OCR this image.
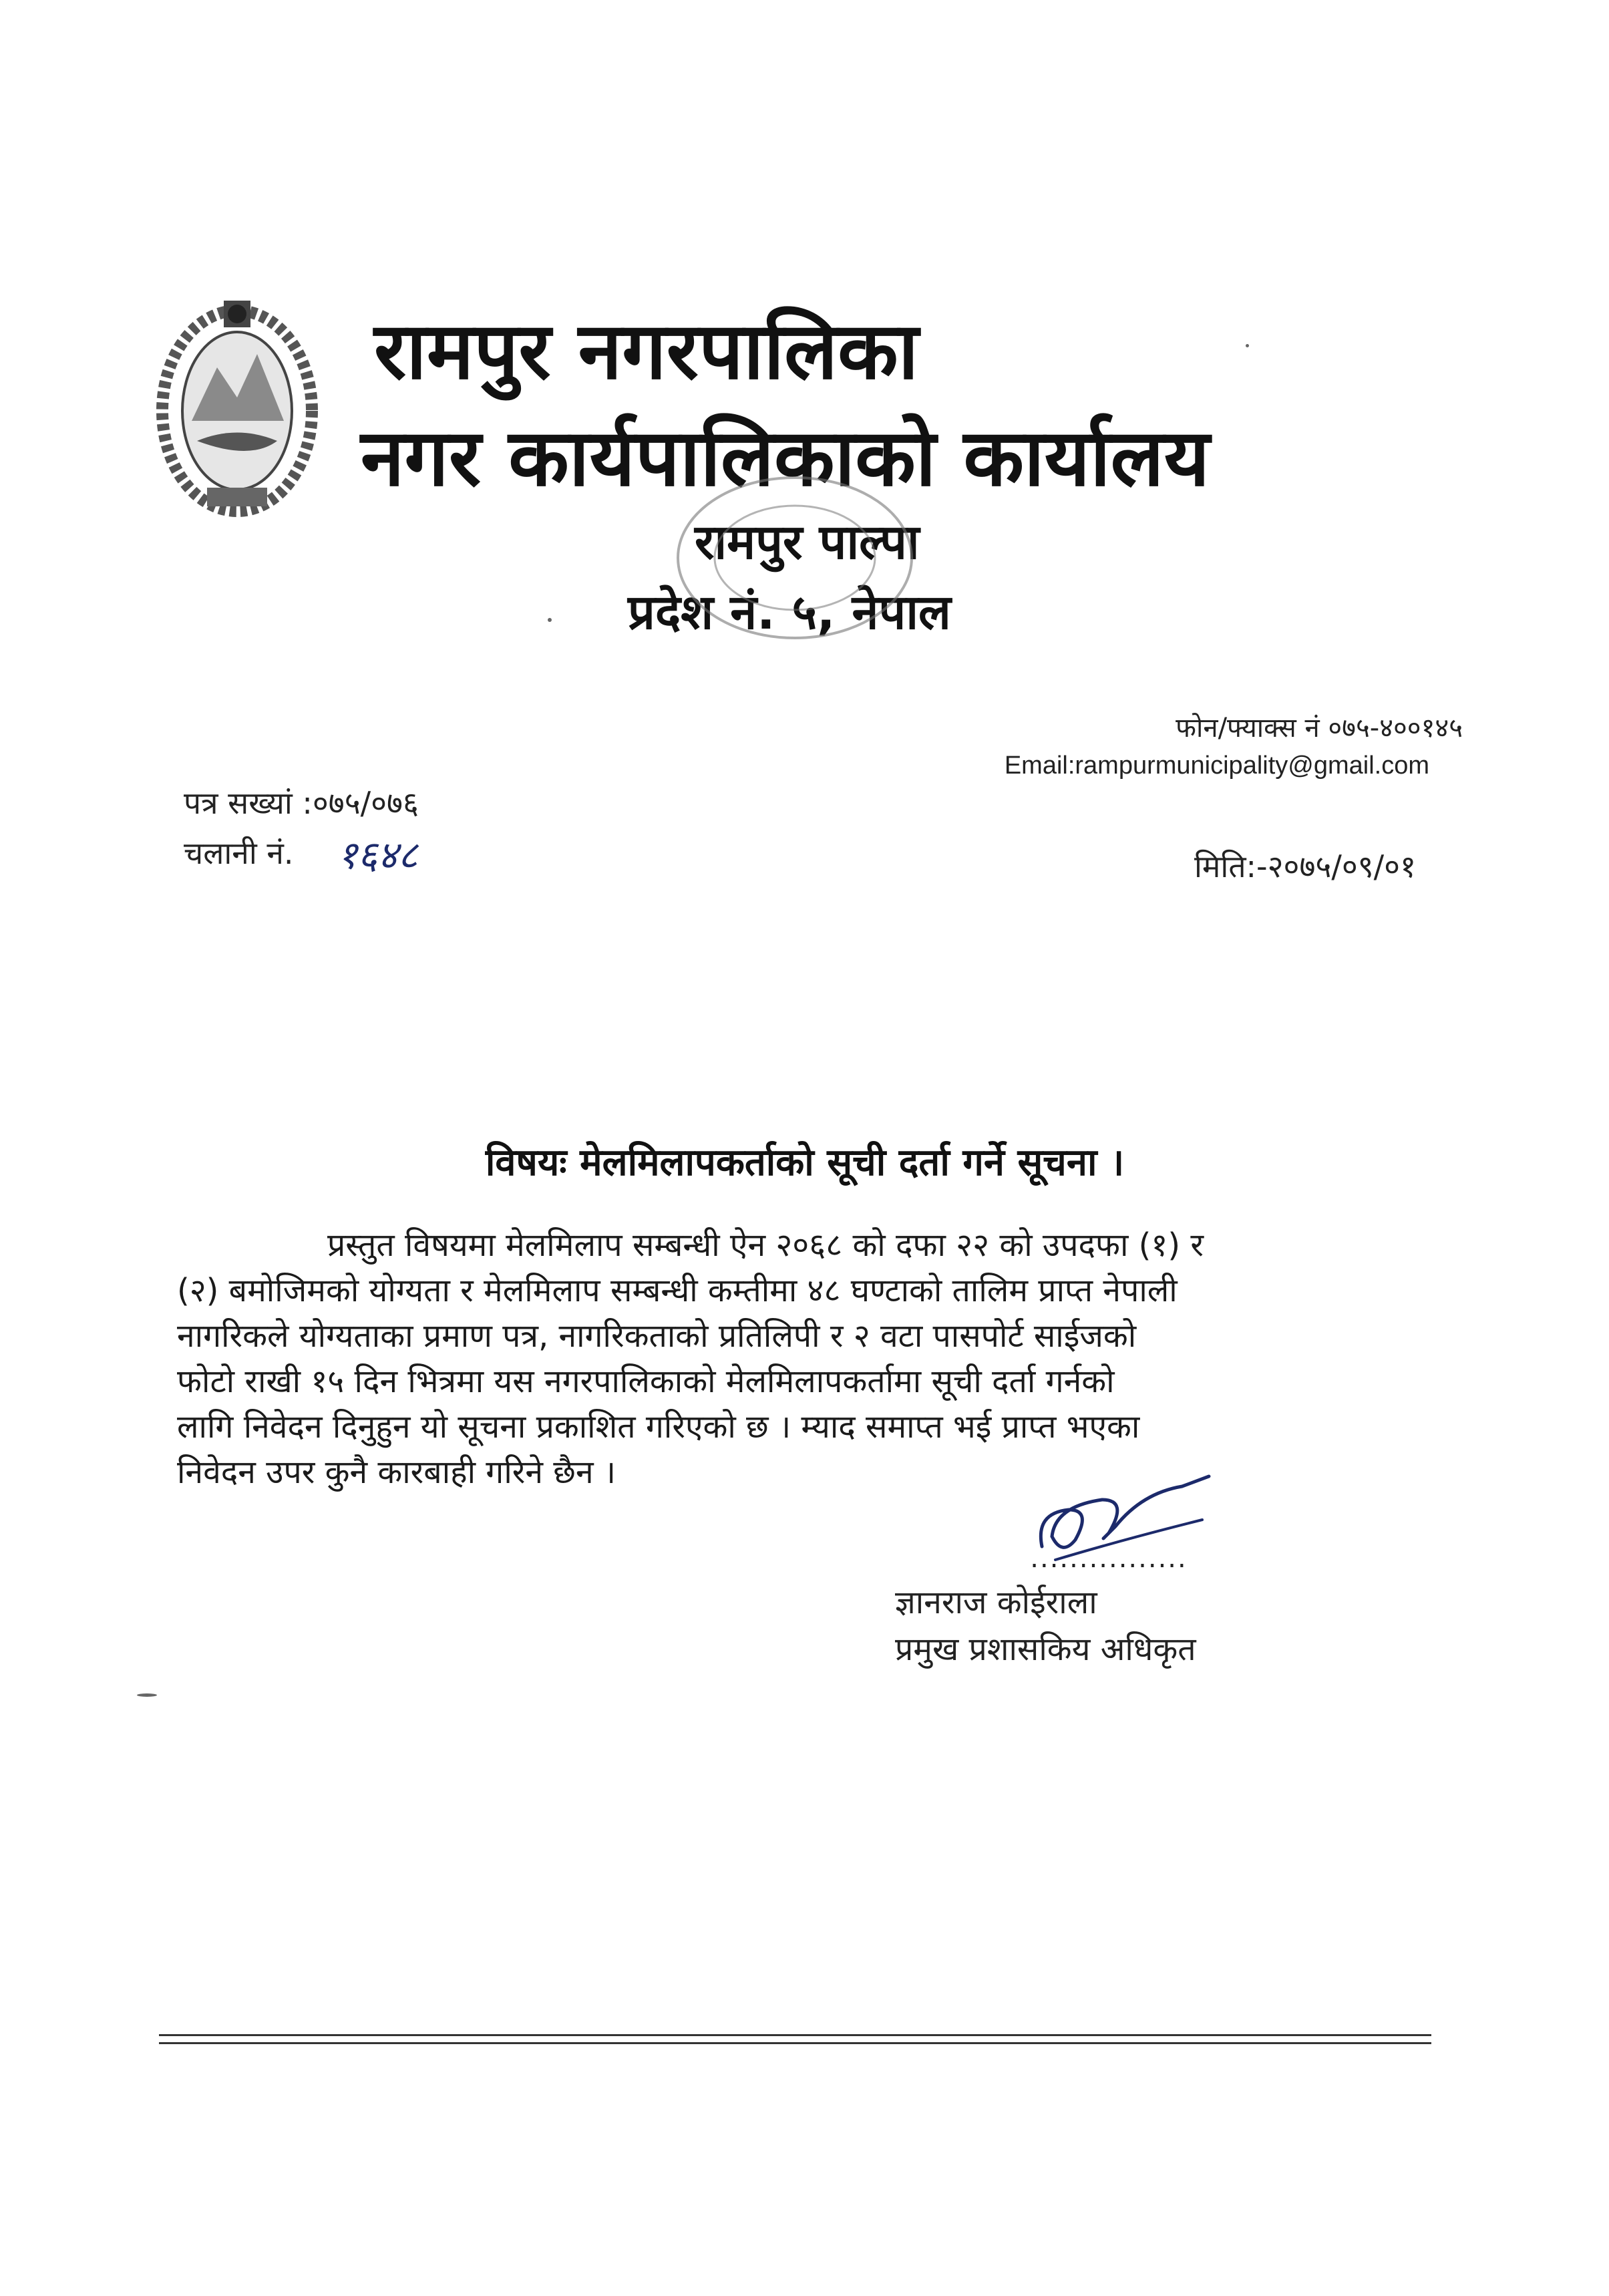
रामपुर नगरपालिका
नगर कार्यपालिकाको कार्यालय
रामपुर पाल्पा
प्रदेश नं. ५, नेपाल
फोन/फ्याक्स नं ०७५-४००१४५
Email:rampurmunicipality@gmail.com
पत्र सख्यां :०७५/०७६
चलानी नं.	१६४८	मिति:-२०७५/०९/०१
विषयः मेलमिलापकर्ताको सूची दर्ता गर्ने सूचना ।
प्रस्तुत विषयमा मेलमिलाप सम्बन्धी ऐन २०६८ को दफा २२ को उपदफा (१) र
(२) बमोजिमको योग्यता र मेलमिलाप सम्बन्धी कम्तीमा ४८ घण्टाको तालिम प्राप्त नेपाली
नागरिकले योग्यताका प्रमाण पत्र, नागरिकताको प्रतिलिपी र २ वटा पासपोर्ट साईजको
फोटो राखी १५ दिन भित्रमा यस नगरपालिकाको मेलमिलापकर्तामा सूची दर्ता गर्नको
लागि निवेदन दिनुहुन यो सूचना प्रकाशित गरिएको छ । म्याद समाप्त भई प्राप्त भएका
निवेदन उपर कुनै कारबाही गरिने छैन ।
................
ज्ञानराज कोईराला
प्रमुख प्रशासकिय अधिकृत
